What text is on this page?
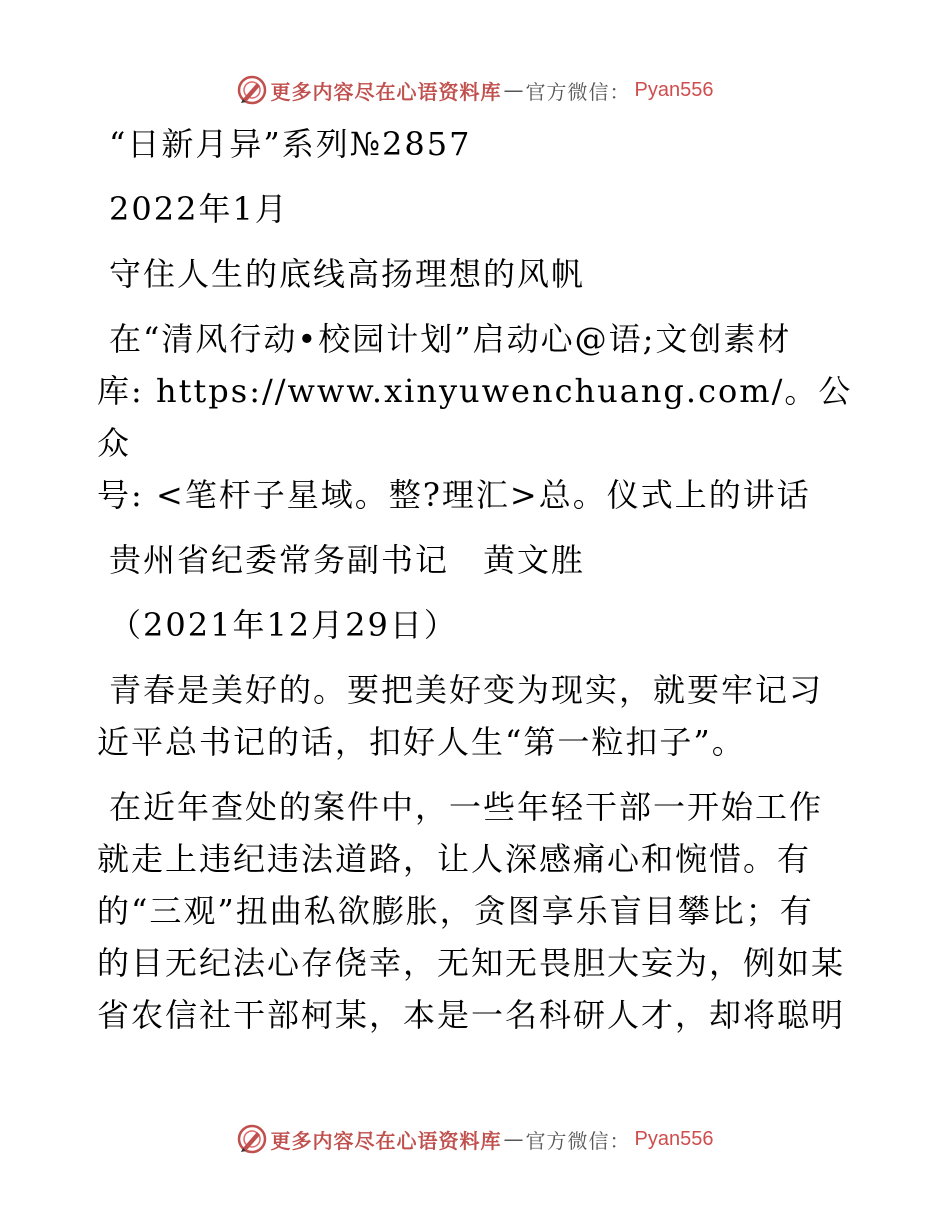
更多内容尽在心语资料库 — 官方微信： Pyan556
“日新月异”系列№2857
2022年1月
守住人生的底线高扬理想的风帆
在“清风行动•校园计划”启动心@语;文创素材
库: https://www.xinyuwenchuang.com/。公众
号: <笔杆子星域。整?理汇>总。仪式上的讲话
贵州省纪委常务副书记　黄文胜
（2021年12月29日）
青春是美好的。要把美好变为现实，就要牢记习
近平总书记的话，扣好人生“第一粒扣子”。
在近年查处的案件中，一些年轻干部一开始工作
就走上违纪违法道路，让人深感痛心和惋惜。有
的“三观”扭曲私欲膨胀，贪图享乐盲目攀比；有
的目无纪法心存侥幸，无知无畏胆大妄为，例如某
省农信社干部柯某，本是一名科研人才，却将聪明
更多内容尽在心语资料库 — 官方微信： Pyan556
